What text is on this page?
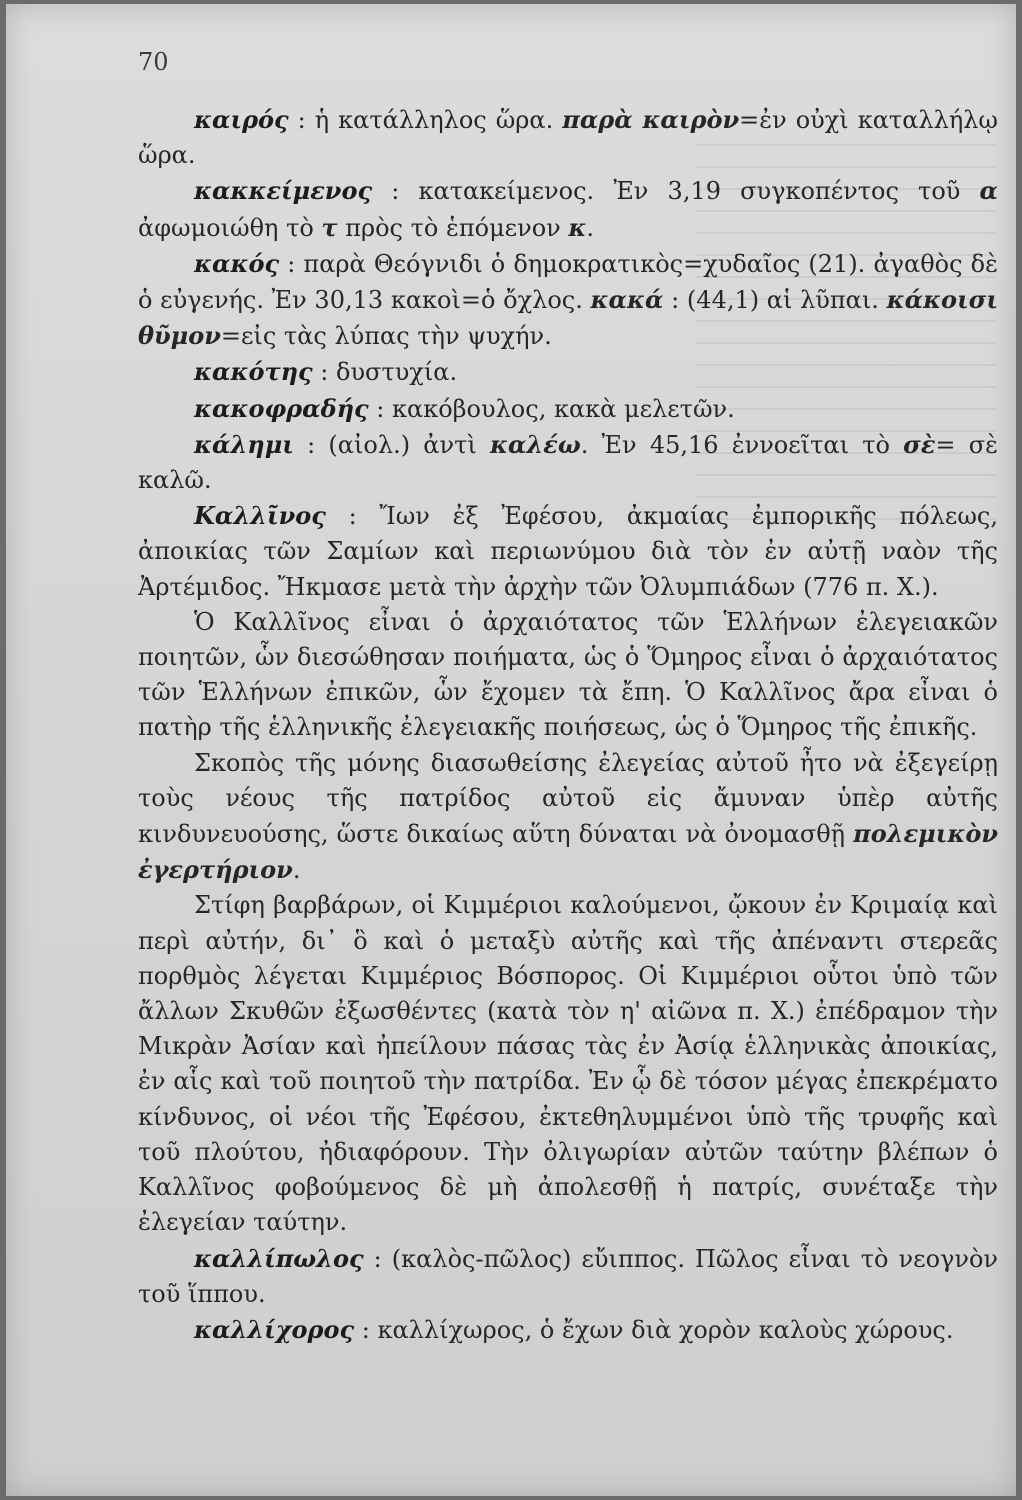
70

καιρός : ἡ κατάλληλος ὥρα. παρὰ καιρὸν=ἐν οὐχὶ καταλλήλῳ ὥρα.

κακκείμενος : κατακείμενος. Ἐν 3,19 συγκοπέντος τοῦ α ἀφωμοιώθη τὸ τ πρὸς τὸ ἑπόμενον κ.

κακός : παρὰ Θεόγνιδι ὁ δημοκρατικὸς=χυδαῖος (21). ἀγαθὸς δὲ ὁ εὐγενής. Ἐν 30,13 κακοὶ=ὁ ὄχλος. κακά : (44,1) αἱ λῦπαι. κάκοισι θῦμον=εἰς τὰς λύπας τὴν ψυχήν.

κακότης : δυστυχία.

κακοφραδής : κακόβουλος, κακὰ μελετῶν.

κάλημι : (αἰολ.) ἀντὶ καλέω. Ἐν 45,16 ἐννοεῖται τὸ σὲ= σὲ καλῶ.

Καλλῖνος : Ἴων ἐξ Ἐφέσου, ἀκμαίας ἐμπορικῆς πόλεως, ἀποικίας τῶν Σαμίων καὶ περιωνύμου διὰ τὸν ἐν αὐτῇ ναὸν τῆς Ἀρτέμιδος. Ἤκμασε μετὰ τὴν ἀρχὴν τῶν Ὀλυμπιάδων (776 π. Χ.).

Ὁ Καλλῖνος εἶναι ὁ ἀρχαιότατος τῶν Ἑλλήνων ἐλεγειακῶν ποιητῶν, ὧν διεσώθησαν ποιήματα, ὡς ὁ Ὅμηρος εἶναι ὁ ἀρχαιότατος τῶν Ἑλλήνων ἐπικῶν, ὧν ἔχομεν τὰ ἔπη. Ὁ Καλλῖνος ἄρα εἶναι ὁ πατὴρ τῆς ἑλληνικῆς ἐλεγειακῆς ποιήσεως, ὡς ὁ Ὅμηρος τῆς ἐπικῆς.

Σκοπὸς τῆς μόνης διασωθείσης ἐλεγείας αὐτοῦ ἦτο νὰ ἐξεγείρῃ τοὺς νέους τῆς πατρίδος αὐτοῦ εἰς ἄμυναν ὑπὲρ αὐτῆς κινδυνευούσης, ὥστε δικαίως αὕτη δύναται νὰ ὀνομασθῇ πολεμικὸν ἐγερτήριον.

Στίφη βαρβάρων, οἱ Κιμμέριοι καλούμενοι, ᾤκουν ἐν Κριμαίᾳ καὶ περὶ αὐτήν, δι᾽ ὃ καὶ ὁ μεταξὺ αὐτῆς καὶ τῆς ἀπέναντι στερεᾶς πορθμὸς λέγεται Κιμμέριος Βόσπορος. Οἱ Κιμμέριοι οὗτοι ὑπὸ τῶν ἄλλων Σκυθῶν ἐξωσθέντες (κατὰ τὸν η' αἰῶνα π. Χ.) ἐπέδραμον τὴν Μικρὰν Ἀσίαν καὶ ἠπείλουν πάσας τὰς ἐν Ἀσίᾳ ἑλληνικὰς ἀποικίας, ἐν αἷς καὶ τοῦ ποιητοῦ τὴν πατρίδα. Ἐν ᾧ δὲ τόσον μέγας ἐπεκρέματο κίνδυνος, οἱ νέοι τῆς Ἐφέσου, ἐκτεθηλυμμένοι ὑπὸ τῆς τρυφῆς καὶ τοῦ πλούτου, ἠδιαφόρουν. Τὴν ὀλιγωρίαν αὐτῶν ταύτην βλέπων ὁ Καλλῖνος φοβούμενος δὲ μὴ ἀπολεσθῇ ἡ πατρίς, συνέταξε τὴν ἐλεγείαν ταύτην.

καλλίπωλος : (καλὸς-πῶλος) εὔιππος. Πῶλος εἶναι τὸ νεογνὸν τοῦ ἵππου.

καλλίχορος : καλλίχωρος, ὁ ἔχων διὰ χορὸν καλοὺς χώρους.
